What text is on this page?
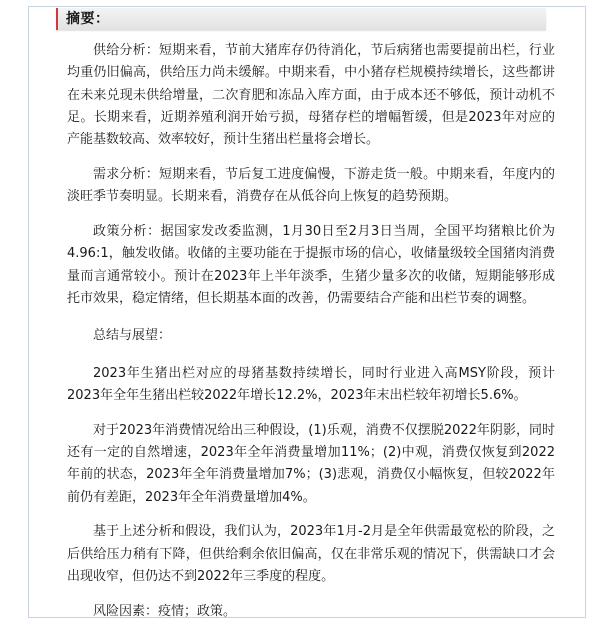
摘要：

供给分析：短期来看，节前大猪库存仍待消化，节后病猪也需要提前出栏，行业均重仍旧偏高，供给压力尚未缓解。中期来看，中小猪存栏规模持续增长，这些都讲在未来兑现未供给增量，二次育肥和冻品入库方面，由于成本还不够低，预计动机不足。长期来看，近期养殖利润开始亏损，母猪存栏的增幅暂缓，但是2023年对应的产能基数较高、效率较好，预计生猪出栏量将会增长。

需求分析：短期来看，节后复工进度偏慢，下游走货一般。中期来看，年度内的淡旺季节奏明显。长期来看，消费存在从低谷向上恢复的趋势预期。

政策分析：据国家发改委监测，1月30日至2月3日当周，全国平均猪粮比价为4.96:1，触发收储。收储的主要功能在于提振市场的信心，收储量级较全国猪肉消费量而言通常较小。预计在2023年上半年淡季，生猪少量多次的收储，短期能够形成托市效果，稳定情绪，但长期基本面的改善，仍需要结合产能和出栏节奏的调整。

总结与展望：

2023年生猪出栏对应的母猪基数持续增长，同时行业进入高MSY阶段，预计2023年全年生猪出栏较2022年增长12.2%，2023年末出栏较年初增长5.6%。

对于2023年消费情况给出三种假设，(1)乐观，消费不仅摆脱2022年阴影，同时还有一定的自然增速，2023年全年消费量增加11%；(2)中观，消费仅恢复到2022年前的状态，2023年全年消费量增加7%；(3)悲观，消费仅小幅恢复，但较2022年前仍有差距，2023年全年消费量增加4%。

基于上述分析和假设，我们认为，2023年1月-2月是全年供需最宽松的阶段，之后供给压力稍有下降，但供给剩余依旧偏高，仅在非常乐观的情况下，供需缺口才会出现收窄，但仍达不到2022年三季度的程度。

风险因素：疫情；政策。
